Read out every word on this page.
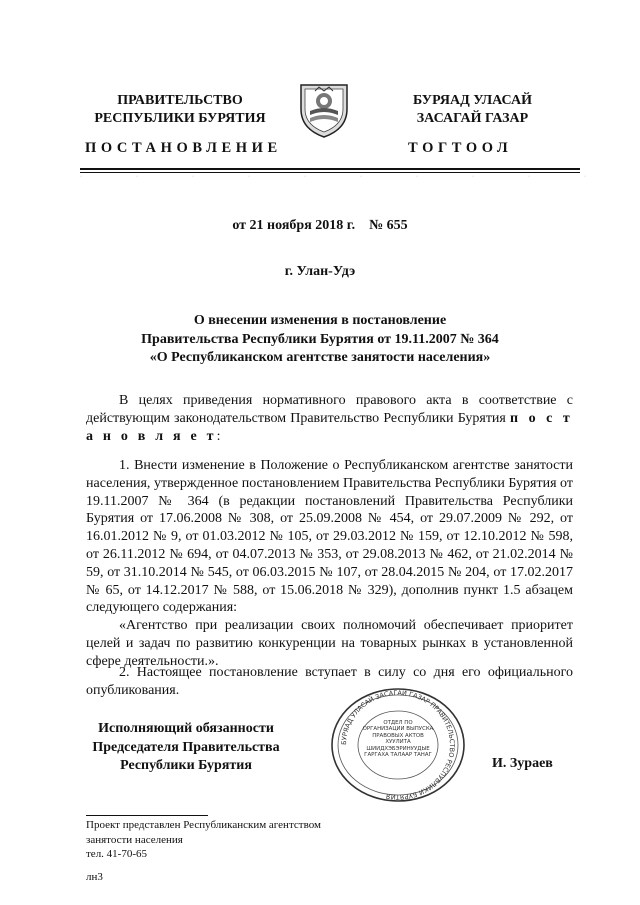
ПРАВИТЕЛЬСТВО
РЕСПУБЛИКИ БУРЯТИЯ
БУРЯАД УЛАСАЙ
ЗАСАГАЙ ГАЗАР
ПОСТАНОВЛЕНИЕ	ТОГТООЛ
··········
от 21 ноября 2018 г.    № 655
г. Улан-Удэ
О внесении изменения в постановление
Правительства Республики Бурятия от 19.11.2007 № 364
«О Республиканском агентстве занятости населения»

В целях приведения нормативного правового акта в соответствие с действующим законодательством Правительство Республики Бурятия п о с т а н о в л я е т:

1. Внести изменение в Положение о Республиканском агентстве занятости населения, утвержденное постановлением Правительства Республики Бурятия от 19.11.2007 № 364 (в редакции постановлений Правительства Республики Бурятия от 17.06.2008 № 308, от 25.09.2008 № 454, от 29.07.2009 № 292, от 16.01.2012 № 9, от 01.03.2012 № 105, от 29.03.2012 № 159, от 12.10.2012 № 598, от 26.11.2012 № 694, от 04.07.2013 № 353, от 29.08.2013 № 462, от 21.02.2014 № 59, от 31.10.2014 № 545, от 06.03.2015 № 107, от 28.04.2015 № 204, от 17.02.2017 № 65, от 14.12.2017 № 588, от 15.06.2018 № 329), дополнив пункт 1.5 абзацем следующего содержания:

«Агентство при реализации своих полномочий обеспечивает приоритет целей и задач по развитию конкуренции на товарных рынках в установленной сфере деятельности.».

2. Настоящее постановление вступает в силу со дня его официального опубликования.

Исполняющий обязанности
Председателя Правительства
Республики Бурятия
БУРЯАД УЛАСАЙ ЗАСАГАЙ ГАЗАР ПРАВИТЕЛЬСТВО РЕСПУБЛИКИ БУРЯТИЯ
ОТДЕЛ ПО ОРГАНИЗАЦИИ ВЫПУСКА ПРАВОВЫХ АКТОВ ХУУЛИТА ШИИДХЭБЭРИНУУДЫЕ ГАРГАХА ТАЛААР ТАНАГ
И. Зураев
Проект представлен Республиканским агентством
занятости населения
тел. 41-70-65
лн3
